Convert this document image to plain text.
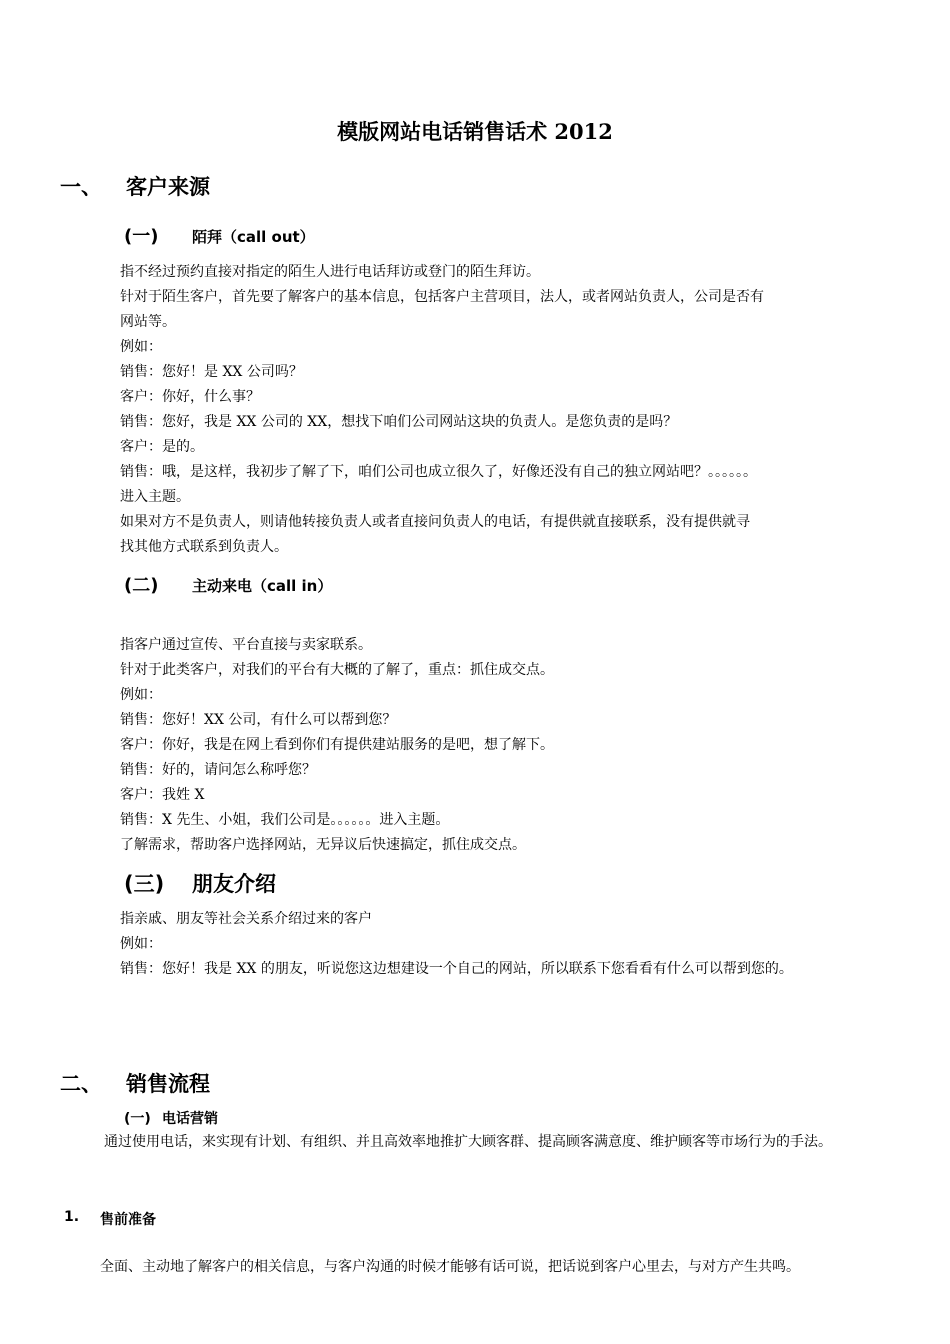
模版网站电话销售话术 2012
一、 客户来源
(一) 陌拜（call out）
指不经过预约直接对指定的陌生人进行电话拜访或登门的陌生拜访。
针对于陌生客户，首先要了解客户的基本信息，包括客户主营项目，法人，或者网站负责人，公司是否有
网站等。
例如：
销售：您好！是 XX 公司吗？
客户：你好，什么事？
销售：您好，我是 XX 公司的 XX，想找下咱们公司网站这块的负责人。是您负责的是吗？
客户：是的。
销售：哦，是这样，我初步了解了下，咱们公司也成立很久了，好像还没有自己的独立网站吧？。。。。。。
进入主题。
如果对方不是负责人，则请他转接负责人或者直接问负责人的电话，有提供就直接联系，没有提供就寻
找其他方式联系到负责人。
(二) 主动来电（call in）
指客户通过宣传、平台直接与卖家联系。
针对于此类客户，对我们的平台有大概的了解了，重点：抓住成交点。
例如：
销售：您好！XX 公司，有什么可以帮到您？
客户：你好，我是在网上看到你们有提供建站服务的是吧，想了解下。
销售：好的，请问怎么称呼您？
客户：我姓 X
销售：X 先生、小姐，我们公司是。。。。。。进入主题。
了解需求，帮助客户选择网站，无异议后快速搞定，抓住成交点。
(三) 朋友介绍
指亲戚、朋友等社会关系介绍过来的客户
例如：
销售：您好！我是 XX 的朋友，听说您这边想建设一个自己的网站，所以联系下您看看有什么可以帮到您的。
二、 销售流程
(一) 电话营销
通过使用电话，来实现有计划、有组织、并且高效率地推扩大顾客群、提高顾客满意度、维护顾客等市场行为的手法。
1. 售前准备
全面、主动地了解客户的相关信息，与客户沟通的时候才能够有话可说，把话说到客户心里去，与对方产生共鸣。
